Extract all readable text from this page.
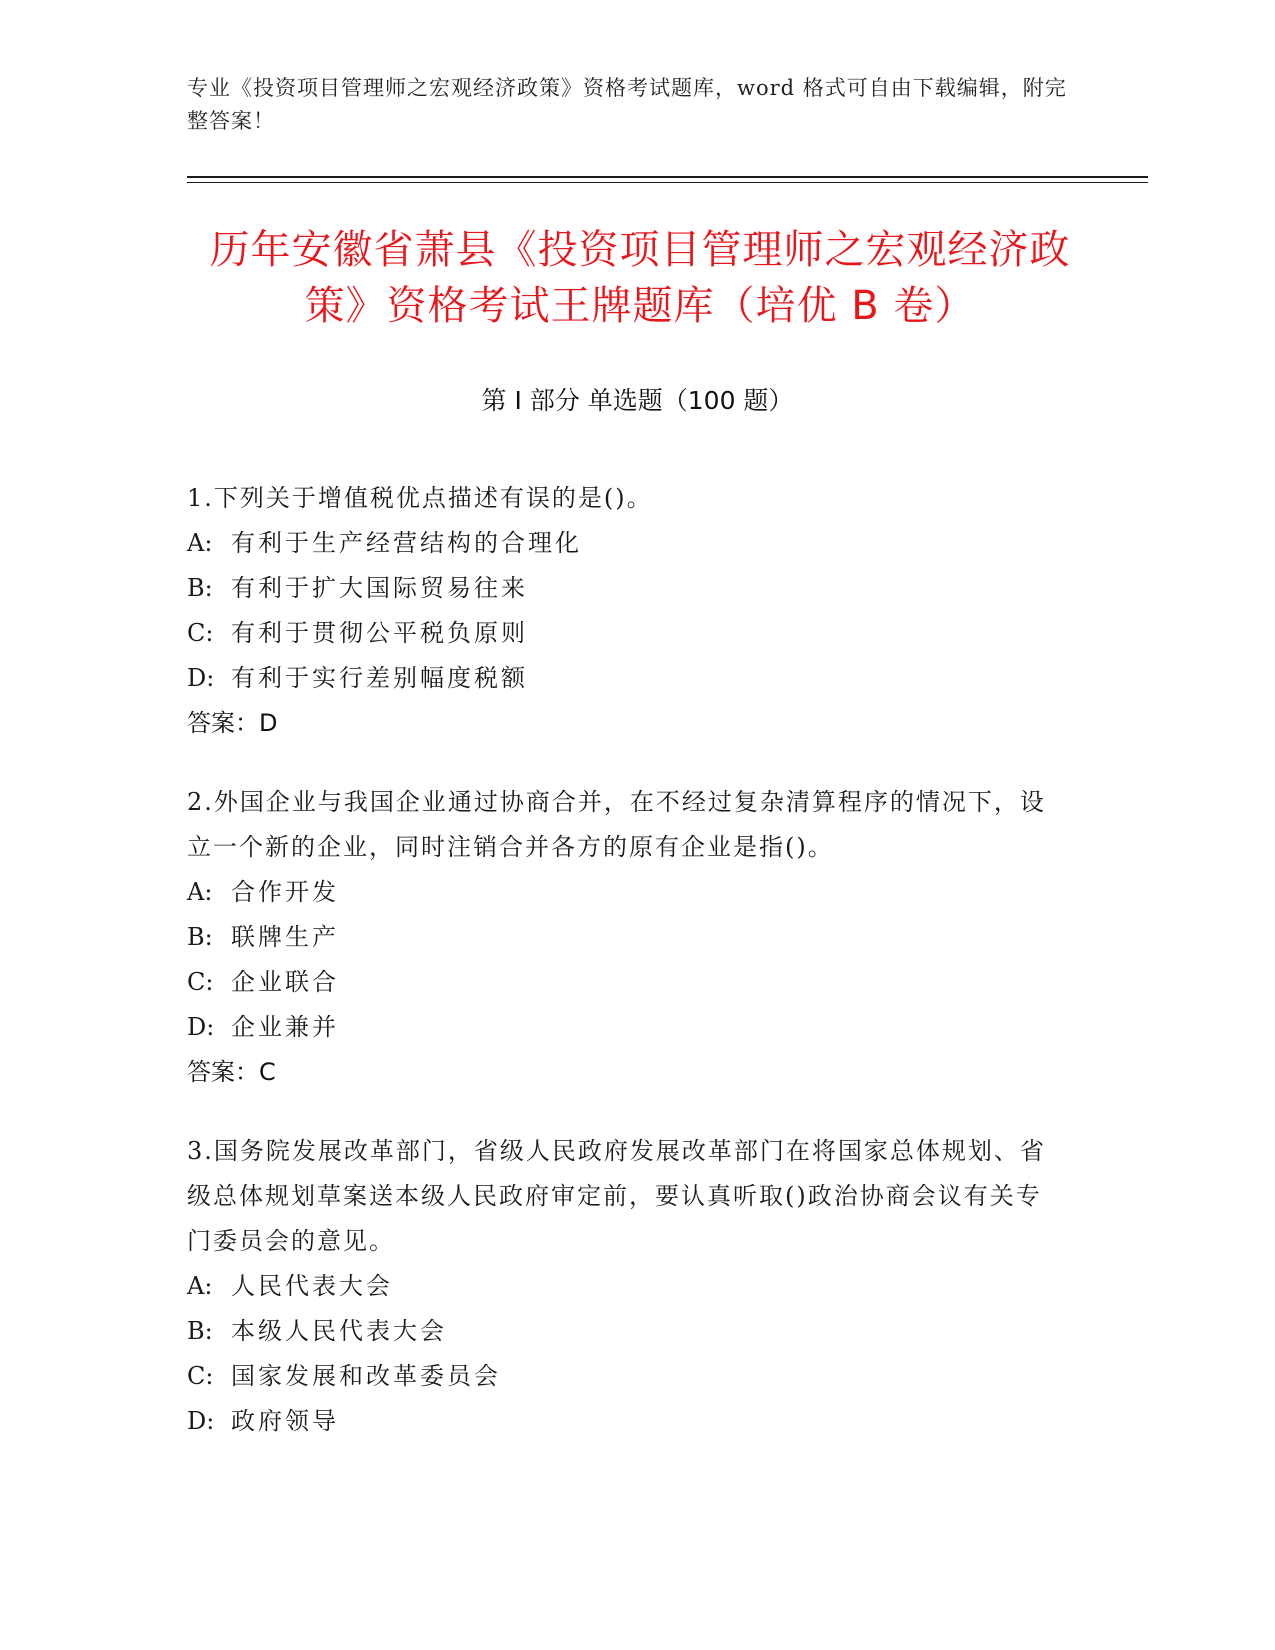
专业《投资项目管理师之宏观经济政策》资格考试题库，word 格式可自由下载编辑，附完整答案！
历年安徽省萧县《投资项目管理师之宏观经济政策》资格考试王牌题库（培优 B 卷）
第 I 部分 单选题（100 题）
1.下列关于增值税优点描述有误的是()。
A: 有利于生产经营结构的合理化
B: 有利于扩大国际贸易往来
C: 有利于贯彻公平税负原则
D: 有利于实行差别幅度税额
答案：D
2.外国企业与我国企业通过协商合并，在不经过复杂清算程序的情况下，设立一个新的企业，同时注销合并各方的原有企业是指()。
A: 合作开发
B: 联牌生产
C: 企业联合
D: 企业兼并
答案：C
3.国务院发展改革部门，省级人民政府发展改革部门在将国家总体规划、省级总体规划草案送本级人民政府审定前，要认真听取()政治协商会议有关专门委员会的意见。
A: 人民代表大会
B: 本级人民代表大会
C: 国家发展和改革委员会
D: 政府领导
